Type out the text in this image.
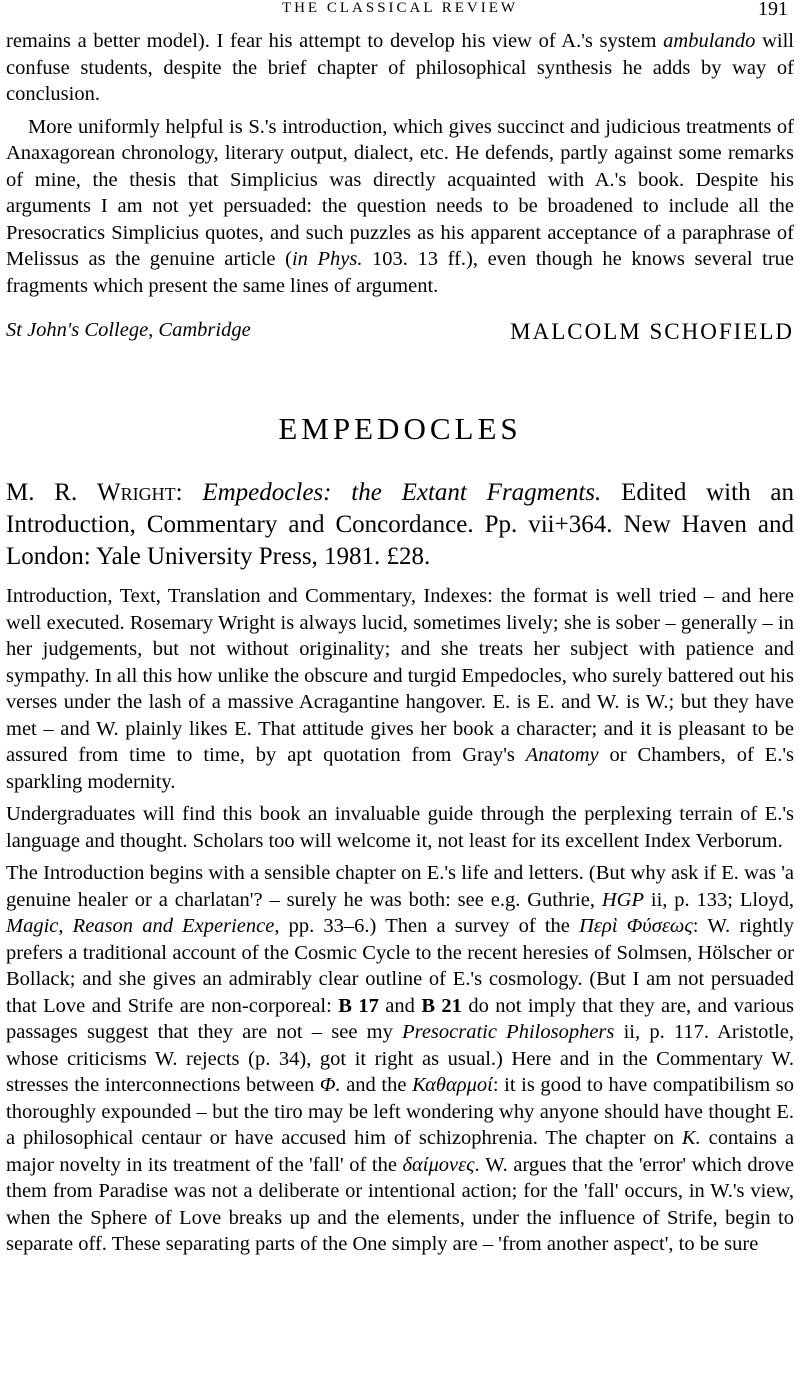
THE CLASSICAL REVIEW	191

remains a better model). I fear his attempt to develop his view of A.'s system ambulando will confuse students, despite the brief chapter of philosophical synthesis he adds by way of conclusion.

More uniformly helpful is S.'s introduction, which gives succinct and judicious treatments of Anaxagorean chronology, literary output, dialect, etc. He defends, partly against some remarks of mine, the thesis that Simplicius was directly acquainted with A.'s book. Despite his arguments I am not yet persuaded: the question needs to be broadened to include all the Presocratics Simplicius quotes, and such puzzles as his apparent acceptance of a paraphrase of Melissus as the genuine article (in Phys. 103. 13 ff.), even though he knows several true fragments which present the same lines of argument.

St John's College, Cambridge	MALCOLM SCHOFIELD
EMPEDOCLES
M. R. Wright: Empedocles: the Extant Fragments. Edited with an Introduction, Commentary and Concordance. Pp. vii+364. New Haven and London: Yale University Press, 1981. £28.

Introduction, Text, Translation and Commentary, Indexes: the format is well tried – and here well executed. Rosemary Wright is always lucid, sometimes lively; she is sober – generally – in her judgements, but not without originality; and she treats her subject with patience and sympathy. In all this how unlike the obscure and turgid Empedocles, who surely battered out his verses under the lash of a massive Acragantine hangover. E. is E. and W. is W.; but they have met – and W. plainly likes E. That attitude gives her book a character; and it is pleasant to be assured from time to time, by apt quotation from Gray's Anatomy or Chambers, of E.'s sparkling modernity.

Undergraduates will find this book an invaluable guide through the perplexing terrain of E.'s language and thought. Scholars too will welcome it, not least for its excellent Index Verborum.

The Introduction begins with a sensible chapter on E.'s life and letters. (But why ask if E. was 'a genuine healer or a charlatan'? – surely he was both: see e.g. Guthrie, HGP ii, p. 133; Lloyd, Magic, Reason and Experience, pp. 33–6.) Then a survey of the Περὶ Φύσεως: W. rightly prefers a traditional account of the Cosmic Cycle to the recent heresies of Solmsen, Hölscher or Bollack; and she gives an admirably clear outline of E.'s cosmology. (But I am not persuaded that Love and Strife are non-corporeal: B 17 and B 21 do not imply that they are, and various passages suggest that they are not – see my Presocratic Philosophers ii, p. 117. Aristotle, whose criticisms W. rejects (p. 34), got it right as usual.) Here and in the Commentary W. stresses the interconnections between Φ. and the Καθαρμοί: it is good to have compatibilism so thoroughly expounded – but the tiro may be left wondering why anyone should have thought E. a philosophical centaur or have accused him of schizophrenia. The chapter on K. contains a major novelty in its treatment of the 'fall' of the δαίμονες. W. argues that the 'error' which drove them from Paradise was not a deliberate or intentional action; for the 'fall' occurs, in W.'s view, when the Sphere of Love breaks up and the elements, under the influence of Strife, begin to separate off. These separating parts of the One simply are – 'from another aspect', to be sure
